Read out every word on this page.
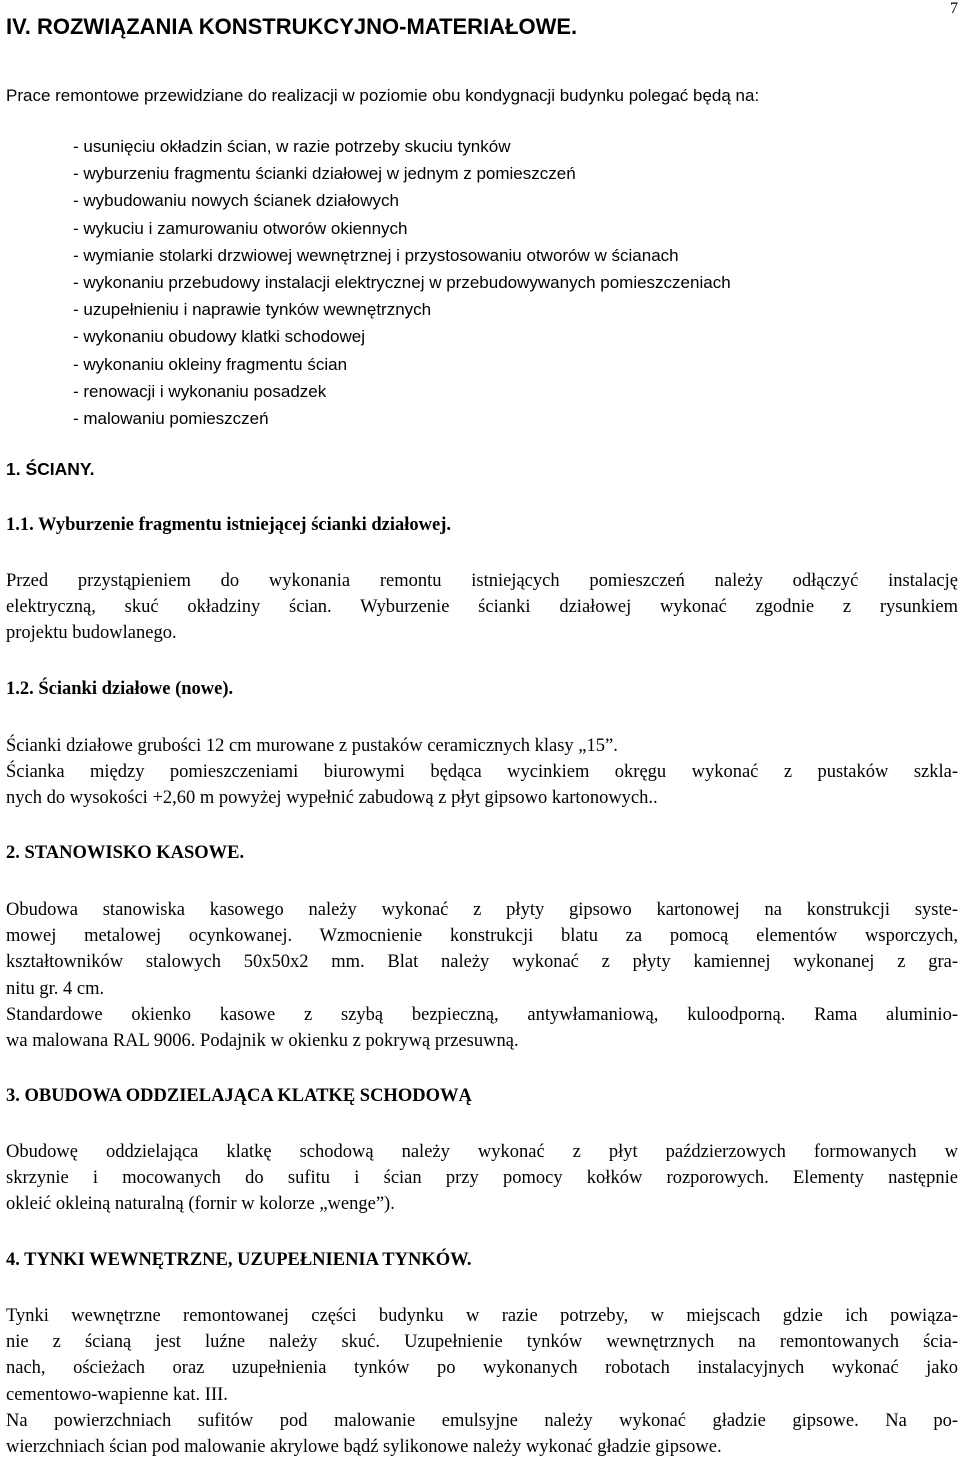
7
IV. ROZWIĄZANIA KONSTRUKCYJNO-MATERIAŁOWE.
Prace remontowe przewidziane do realizacji w poziomie obu kondygnacji budynku polegać będą na:
- usunięciu okładzin ścian, w razie potrzeby skuciu tynków
- wyburzeniu fragmentu ścianki działowej w jednym z pomieszczeń
- wybudowaniu nowych ścianek działowych
- wykuciu i zamurowaniu otworów okiennych
- wymianie stolarki drzwiowej wewnętrznej i przystosowaniu otworów w ścianach
- wykonaniu przebudowy instalacji elektrycznej w przebudowywanych pomieszczeniach
- uzupełnieniu i naprawie tynków wewnętrznych
- wykonaniu obudowy klatki schodowej
- wykonaniu okleiny fragmentu ścian
- renowacji i wykonaniu posadzek
- malowaniu pomieszczeń
1. ŚCIANY.
1.1. Wyburzenie fragmentu istniejącej ścianki działowej.

Przed przystąpieniem do wykonania remontu istniejących pomieszczeń należy odłączyć instalację

elektryczną, skuć okładziny ścian. Wyburzenie ścianki działowej wykonać zgodnie z rysunkiem

projektu budowlanego.

1.2. Ścianki działowe (nowe).

Ścianki działowe grubości 12 cm murowane z pustaków ceramicznych klasy „15”.

Ścianka między pomieszczeniami biurowymi będąca wycinkiem okręgu wykonać z pustaków szkla-

nych do wysokości +2,60 m powyżej wypełnić zabudową z płyt gipsowo kartonowych..

2. STANOWISKO KASOWE.

Obudowa stanowiska kasowego należy wykonać z płyty gipsowo kartonowej na konstrukcji syste-

mowej metalowej ocynkowanej. Wzmocnienie konstrukcji blatu za pomocą elementów wsporczych,

kształtowników stalowych 50x50x2 mm. Blat należy wykonać z płyty kamiennej wykonanej z gra-

nitu gr. 4 cm.

Standardowe okienko kasowe z szybą bezpieczną, antywłamaniową, kuloodporną. Rama aluminio-

wa malowana RAL 9006. Podajnik w okienku z pokrywą przesuwną.

3. OBUDOWA ODDZIELAJĄCA KLATKĘ SCHODOWĄ

Obudowę oddzielająca klatkę schodową należy wykonać z płyt paździerzowych formowanych w

skrzynie i mocowanych do sufitu i ścian przy pomocy kołków rozporowych. Elementy następnie

okleić okleiną naturalną (fornir w kolorze „wenge”).

4. TYNKI WEWNĘTRZNE, UZUPEŁNIENIA TYNKÓW.

Tynki wewnętrzne remontowanej części budynku w razie potrzeby, w miejscach gdzie ich powiąza-

nie z ścianą jest luźne należy skuć. Uzupełnienie tynków wewnętrznych na remontowanych ścia-

nach, ościeżach oraz uzupełnienia tynków po wykonanych robotach instalacyjnych wykonać jako

cementowo-wapienne kat. III.

Na powierzchniach sufitów pod malowanie emulsyjne należy wykonać gładzie gipsowe. Na po-

wierzchniach ścian pod malowanie akrylowe bądź sylikonowe należy wykonać gładzie gipsowe.
